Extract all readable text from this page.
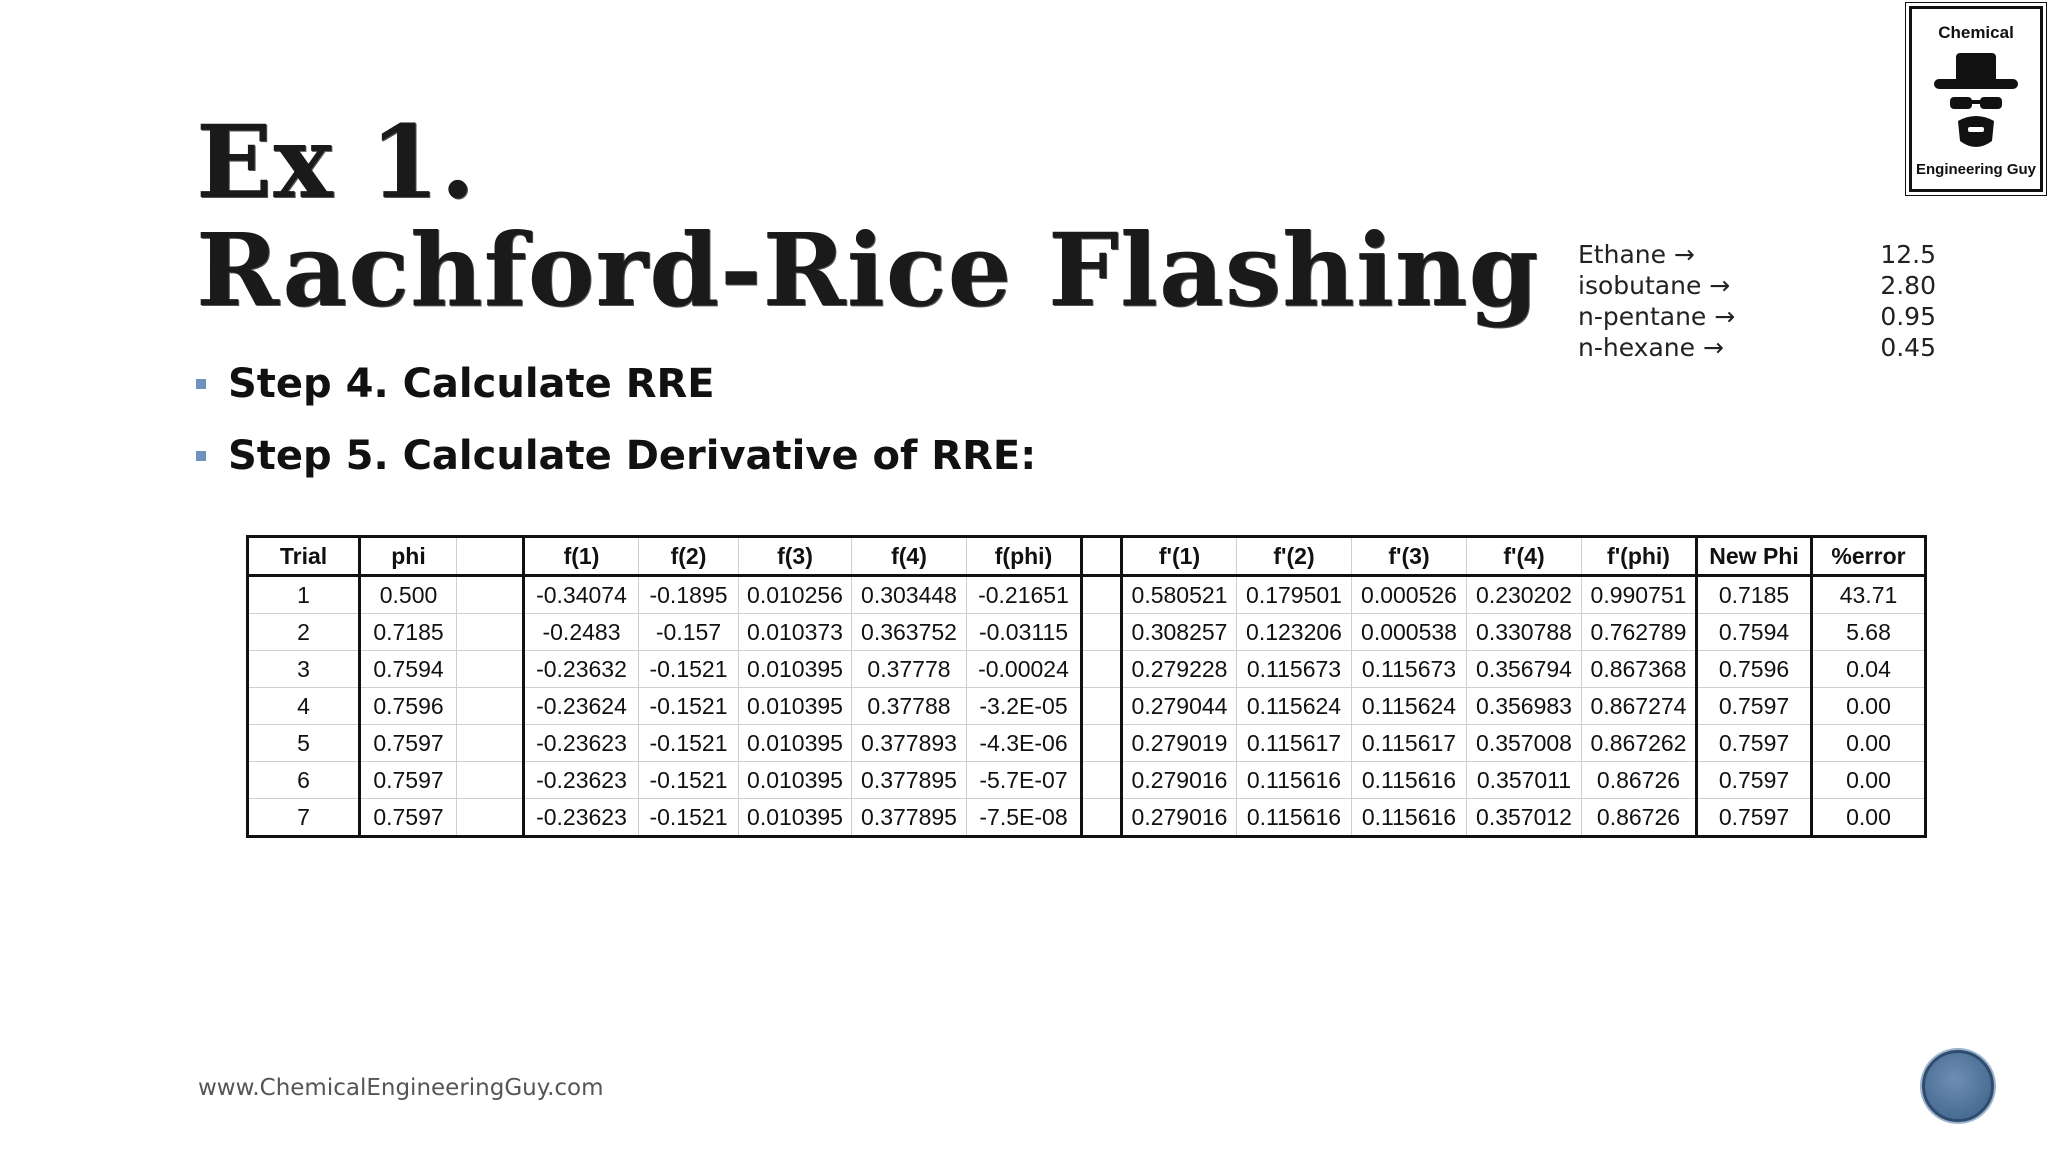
Ex 1.
Rachford-Rice Flashing
Step 4. Calculate RRE
Step 5. Calculate Derivative of RRE:
Ethane →	12.5
isobutane →	2.80
n-pentane →	0.95
n-hexane →	0.45
Chemical
Engineering Guy
Trial	phi		f(1)	f(2)	f(3)	f(4)	f(phi)		f'(1)	f'(2)	f'(3)	f'(4)	f'(phi)	New Phi	%error
1	0.500		-0.34074	-0.1895	0.010256	0.303448	-0.21651		0.580521	0.179501	0.000526	0.230202	0.990751	0.7185	43.71
2	0.7185		-0.2483	-0.157	0.010373	0.363752	-0.03115		0.308257	0.123206	0.000538	0.330788	0.762789	0.7594	5.68
3	0.7594		-0.23632	-0.1521	0.010395	0.37778	-0.00024		0.279228	0.115673	0.115673	0.356794	0.867368	0.7596	0.04
4	0.7596		-0.23624	-0.1521	0.010395	0.37788	-3.2E-05		0.279044	0.115624	0.115624	0.356983	0.867274	0.7597	0.00
5	0.7597		-0.23623	-0.1521	0.010395	0.377893	-4.3E-06		0.279019	0.115617	0.115617	0.357008	0.867262	0.7597	0.00
6	0.7597		-0.23623	-0.1521	0.010395	0.377895	-5.7E-07		0.279016	0.115616	0.115616	0.357011	0.86726	0.7597	0.00
7	0.7597		-0.23623	-0.1521	0.010395	0.377895	-7.5E-08		0.279016	0.115616	0.115616	0.357012	0.86726	0.7597	0.00
www.ChemicalEngineeringGuy.com
